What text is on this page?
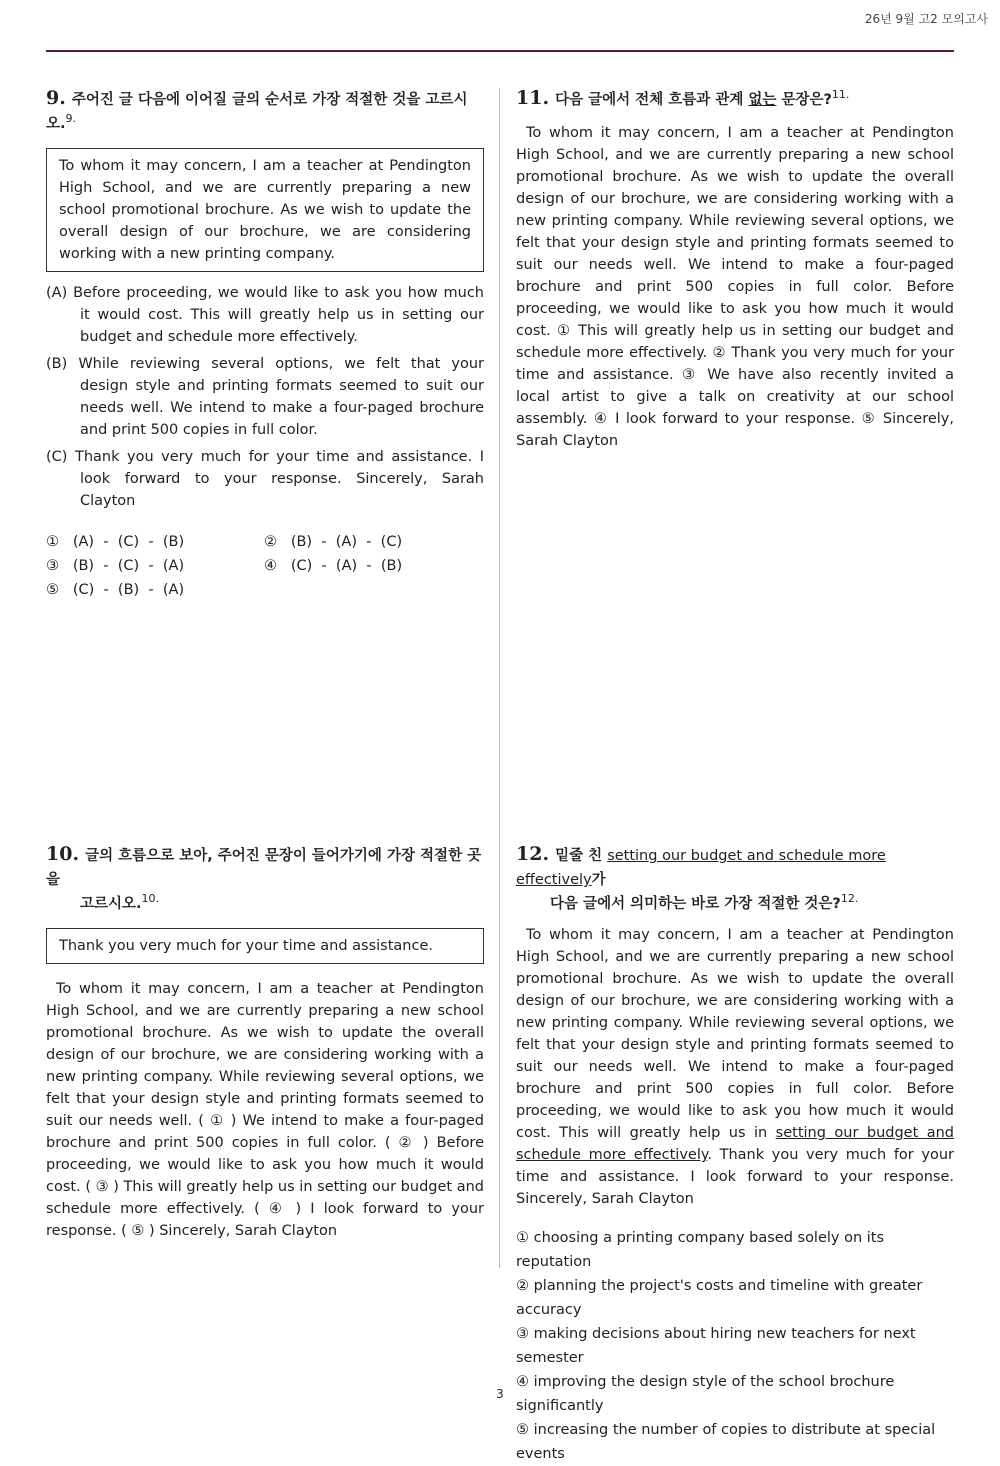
26년 9월 고2 모의고사
9. 주어진 글 다음에 이어질 글의 순서로 가장 적절한 것을 고르시오.$^{9.}$
To whom it may concern, I am a teacher at Pendington High School, and we are currently preparing a new school promotional brochure. As we wish to update the overall design of our brochure, we are considering working with a new printing company.

(A) Before proceeding, we would like to ask you how much it would cost. This will greatly help us in setting our budget and schedule more effectively.

(B) While reviewing several options, we felt that your design style and printing formats seemed to suit our needs well. We intend to make a four-paged brochure and print 500 copies in full color.

(C) Thank you very much for your time and assistance. I look forward to your response. Sincerely, Sarah Clayton

①   (A)  -  (C)  -  (B)	②   (B)  -  (A)  -  (C)
③   (B)  -  (C)  -  (A)	④   (C)  -  (A)  -  (B)
⑤   (C)  -  (B)  -  (A)
11. 다음 글에서 전체 흐름과 관계 없는 문장은?$^{11.}$

To whom it may concern, I am a teacher at Pendington High School, and we are currently preparing a new school promotional brochure. As we wish to update the overall design of our brochure, we are considering working with a new printing company. While reviewing several options, we felt that your design style and printing formats seemed to suit our needs well. We intend to make a four-paged brochure and print 500 copies in full color. Before proceeding, we would like to ask you how much it would cost. ① This will greatly help us in setting our budget and schedule more effectively. ② Thank you very much for your time and assistance. ③ We have also recently invited a local artist to give a talk on creativity at our school assembly. ④ I look forward to your response. ⑤ Sincerely, Sarah Clayton

10. 글의 흐름으로 보아, 주어진 문장이 들어가기에 가장 적절한 곳을
고르시오.$^{10.}$
Thank you very much for your time and assistance.

To whom it may concern, I am a teacher at Pendington High School, and we are currently preparing a new school promotional brochure. As we wish to update the overall design of our brochure, we are considering working with a new printing company. While reviewing several options, we felt that your design style and printing formats seemed to suit our needs well. ( ① ) We intend to make a four-paged brochure and print 500 copies in full color. ( ② ) Before proceeding, we would like to ask you how much it would cost. ( ③ ) This will greatly help us in setting our budget and schedule more effectively. ( ④ ) I look forward to your response. ( ⑤ ) Sincerely, Sarah Clayton

12. 밑줄 친 setting our budget and schedule more effectively가
다음 글에서 의미하는 바로 가장 적절한 것은?$^{12.}$

To whom it may concern, I am a teacher at Pendington High School, and we are currently preparing a new school promotional brochure. As we wish to update the overall design of our brochure, we are considering working with a new printing company. While reviewing several options, we felt that your design style and printing formats seemed to suit our needs well. We intend to make a four-paged brochure and print 500 copies in full color. Before proceeding, we would like to ask you how much it would cost. This will greatly help us in setting our budget and schedule more effectively. Thank you very much for your time and assistance. I look forward to your response. Sincerely, Sarah Clayton

① choosing a printing company based solely on its reputation

② planning the project's costs and timeline with greater accuracy

③ making decisions about hiring new teachers for next semester

④ improving the design style of the school brochure significantly

⑤ increasing the number of copies to distribute at special events

3
